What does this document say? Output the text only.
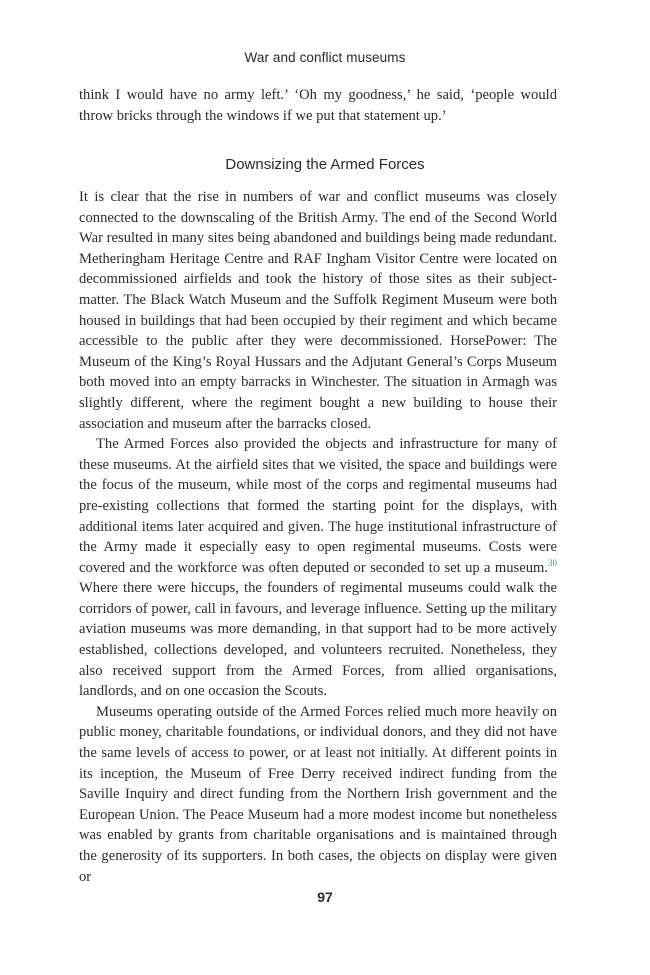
War and conflict museums

think I would have no army left.’ ‘Oh my goodness,’ he said, ‘people would throw bricks through the windows if we put that statement up.’

Downsizing the Armed Forces

It is clear that the rise in numbers of war and conflict museums was closely connected to the downscaling of the British Army. The end of the Second World War resulted in many sites being abandoned and buildings being made redundant. Metheringham Heritage Centre and RAF Ingham Visitor Centre were located on decommissioned airfields and took the history of those sites as their subject-matter. The Black Watch Museum and the Suffolk Regiment Museum were both housed in buildings that had been occupied by their regiment and which became accessible to the public after they were decommissioned. HorsePower: The Museum of the King’s Royal Hussars and the Adjutant General’s Corps Museum both moved into an empty barracks in Winchester. The situation in Armagh was slightly different, where the regiment bought a new building to house their association and museum after the barracks closed.

The Armed Forces also provided the objects and infrastructure for many of these museums. At the airfield sites that we visited, the space and buildings were the focus of the museum, while most of the corps and regimental museums had pre-existing collections that formed the starting point for the displays, with additional items later acquired and given. The huge institutional infrastructure of the Army made it especially easy to open regimental museums. Costs were covered and the workforce was often deputed or seconded to set up a museum.$^{30}$ Where there were hiccups, the founders of regimental museums could walk the corridors of power, call in favours, and leverage influence. Setting up the military aviation museums was more demanding, in that support had to be more actively established, collections developed, and volunteers recruited. Nonetheless, they also received support from the Armed Forces, from allied organisations, landlords, and on one occasion the Scouts.

Museums operating outside of the Armed Forces relied much more heavily on public money, charitable foundations, or individual donors, and they did not have the same levels of access to power, or at least not initially. At different points in its inception, the Museum of Free Derry received indirect funding from the Saville Inquiry and direct funding from the Northern Irish government and the European Union. The Peace Museum had a more modest income but nonetheless was enabled by grants from charitable organisations and is maintained through the generosity of its supporters. In both cases, the objects on display were given or

97
